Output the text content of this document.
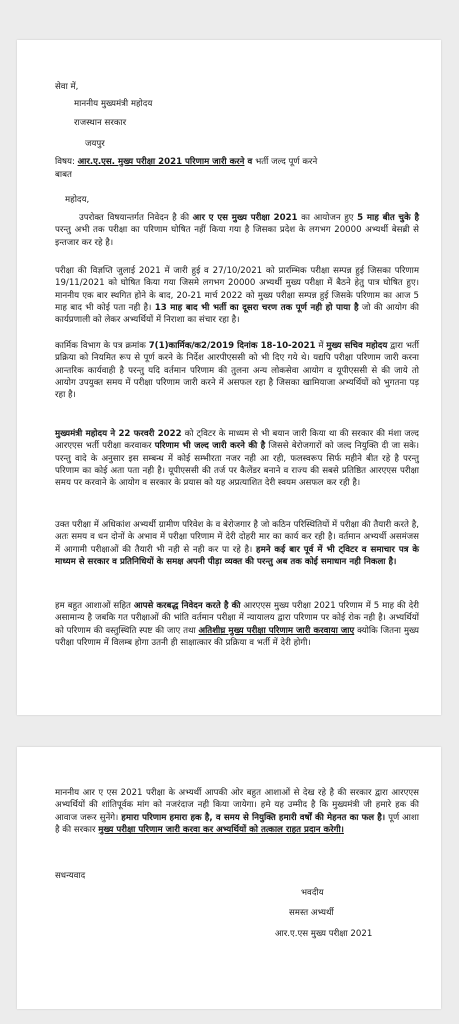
सेवा में,

माननीय मुख्यमंत्री महोदय

राजस्थान सरकार

जयपुर

विषय: आर.ए.एस. मुख्य परीक्षा 2021 परिणाम जारी करने व भर्ती जल्द पूर्ण करने

बाबत

महोदय,

उपरोक्त विषयान्तर्गत निवेदन है की आर ए एस मुख्य परीक्षा 2021 का आयोजन हुए 5 माह बीत चुके है परन्तु अभी तक परीक्षा का परिणाम घोषित नहीं किया गया है जिसका प्रदेश के लगभग 20000 अभ्यर्थी बेसब्री से इन्तजार कर रहे है।

परीक्षा की विज्ञप्ति जुलाई 2021 में जारी हुई व 27/10/2021 को प्रारम्भिक परीक्षा सम्पन्न हुई जिसका परिणाम 19/11/2021 को घोषित किया गया जिसमे लगभग 20000 अभ्यर्थी मुख्य परीक्षा में बैठने हेतु पात्र घोषित हुए। माननीय एक बार स्थगित होने के बाद, 20-21 मार्च 2022 को मुख्य परीक्षा सम्पन्न हुई जिसके परिणाम का आज 5 माह बाद भी कोई पता नही है। 13 माह बाद भी भर्ती का दूसरा चरण तक पूर्ण नही हो पाया है जो की आयोग की कार्यप्रणाली को लेकर अभ्यर्थियों में निराशा का संचार रहा है।

कार्मिक विभाग के पत्र क्रमांक 7(1)कार्मिक/क2/2019 दिनांक 18-10-2021 में मुख्य सचिव महोदय द्वारा भर्ती प्रक्रिया को नियमित रूप से पूर्ण करने के निर्देश आरपीएससी को भी दिए गये थे। यद्यपि परीक्षा परिणाम जारी करना आन्तरिक कार्यवाही है परन्तु यदि वर्तमान परिणाम की तुलना अन्य लोकसेवा आयोग व यूपीएससी से की जाये तो आयोग उपयुक्त समय में परीक्षा परिणाम जारी करने में असफल रहा है जिसका खामियाजा अभ्यर्थियों को भुगतना पड़ रहा है।

मुख्यमंत्री महोदय ने 22 फरवरी 2022 को ट्विटर के माध्यम से भी बयान जारी किया था की सरकार की मंशा जल्द आरएएस भर्ती परीक्षा करवाकर परिणाम भी जल्द जारी करने की है जिससे बेरोजगारों को जल्द नियुक्ति दी जा सके। परन्तु वादे के अनुसार इस सम्बन्ध में कोई सम्भीरता नजर नही आ रही, फलस्वरूप सिर्फ महीने बीत रहे है परन्तु परिणाम का कोई अता पता नही है। यूपीएससी की तर्ज पर कैलेंडर बनाने व राज्य की सबसे प्रतिष्ठित आरएएस परीक्षा समय पर करवाने के आयोग व सरकार के प्रयास को यह अप्रत्याशित देरी स्वयम असफल कर रही है।

उक्त परीक्षा में अधिकांश अभ्यर्थी ग्रामीण परिवेश के व बेरोजगार है जो कठिन परिस्थितियों में परीक्षा की तैयारी करते है, अतः समय व धन दोनों के अभाव में परीक्षा परिणाम में देरी दोहरी मार का कार्य कर रही है। वर्तमान अभ्यर्थी असमंजस में आगामी परीक्षाओं की तैयारी भी नही से नही कर पा रहे है। हमने कई बार पूर्व में भी ट्विटर व समाचार पत्र के माध्यम से सरकार व प्रतिनिधियों के समक्ष अपनी पीड़ा व्यक्त की परन्तु अब तक कोई समाधान नही निकला है।

हम बहुत आशाओं सहित आपसे करबद्ध निवेदन करते है की आरएएस मुख्य परीक्षा 2021 परिणाम में 5 माह की देरी असामान्य है जबकि गत परीक्षाओं की भांति वर्तमान परीक्षा में न्यायालय द्वारा परिणाम पर कोई रोक नही है। अभ्यर्थियों को परिणाम की वस्तुस्थिति स्पष्ट की जाए तथा अतिशीघ्र मुख्य परीक्षा परिणाम जारी करवाया जाए क्योकि जितना मुख्य परीक्षा परिणाम में विलम्ब होगा उतनी ही साक्षात्कार की प्रक्रिया व भर्ती में देरी होगी।

माननीय आर ए एस 2021 परीक्षा के अभ्यर्थी आपकी ओर बहुत आशाओं से देख रहे है की सरकार द्वारा आरएएस अभ्यर्थियों की शांतिपूर्वक मांग को नजरंदाज नही किया जायेगा। हमे यह उम्मीद है कि मुख्यमंत्री जी हमारे हक की आवाज जरूर सुनेंगे। हमारा परिणाम हमारा हक है, व समय से नियुक्ति हमारी वर्षों की मेहनत का फल है। पूर्ण आशा है की सरकार मुख्य परीक्षा परिणाम जारी करवा कर अभ्यर्थियों को तत्काल राहत प्रदान करेगी।

सधन्यवाद

भवदीय

समस्त अभ्यर्थी

आर.ए.एस मुख्य परीक्षा 2021
